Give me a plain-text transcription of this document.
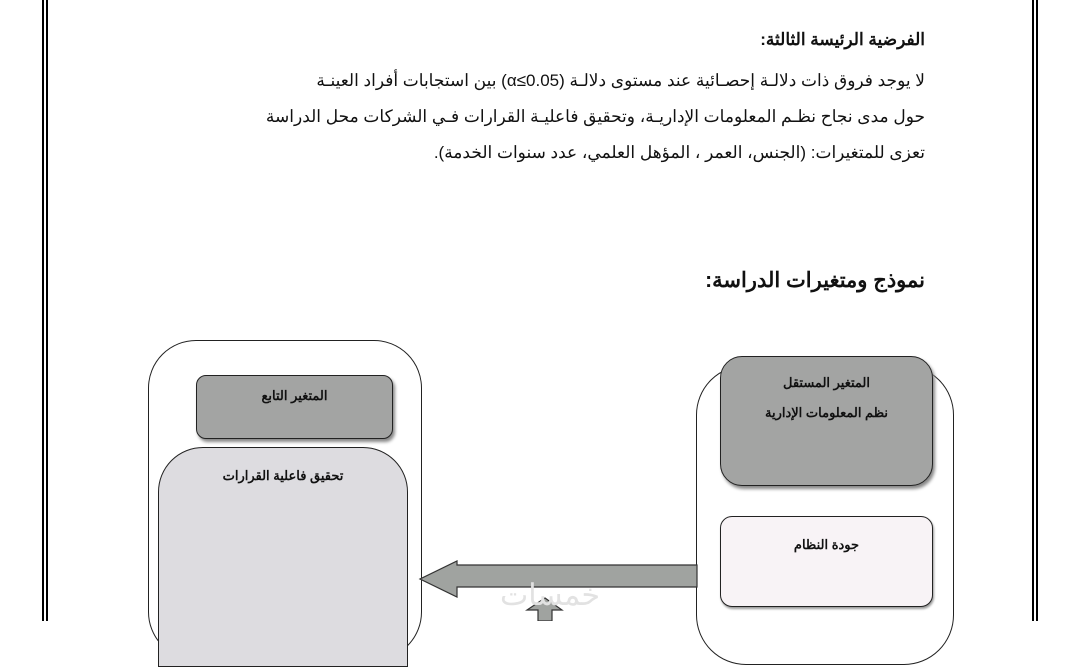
الفرضية الرئيسة الثالثة:
لا يوجد فروق ذات دلالـة إحصـائية عند مستوى دلالـة (α≤0.05) بين استجابات أفراد العينـة
حول مدى نجاح نظـم المعلومات الإداريـة، وتحقيق فاعليـة القرارات فـي الشركات محل الدراسة
تعزى للمتغيرات: (الجنس، العمر ، المؤهل العلمي، عدد سنوات الخدمة).
نموذج ومتغيرات الدراسة:
المتغير التابع
تحقيق فاعلية القرارات
المتغير المستقل
نظم المعلومات الإدارية
جودة النظام
خمسات
